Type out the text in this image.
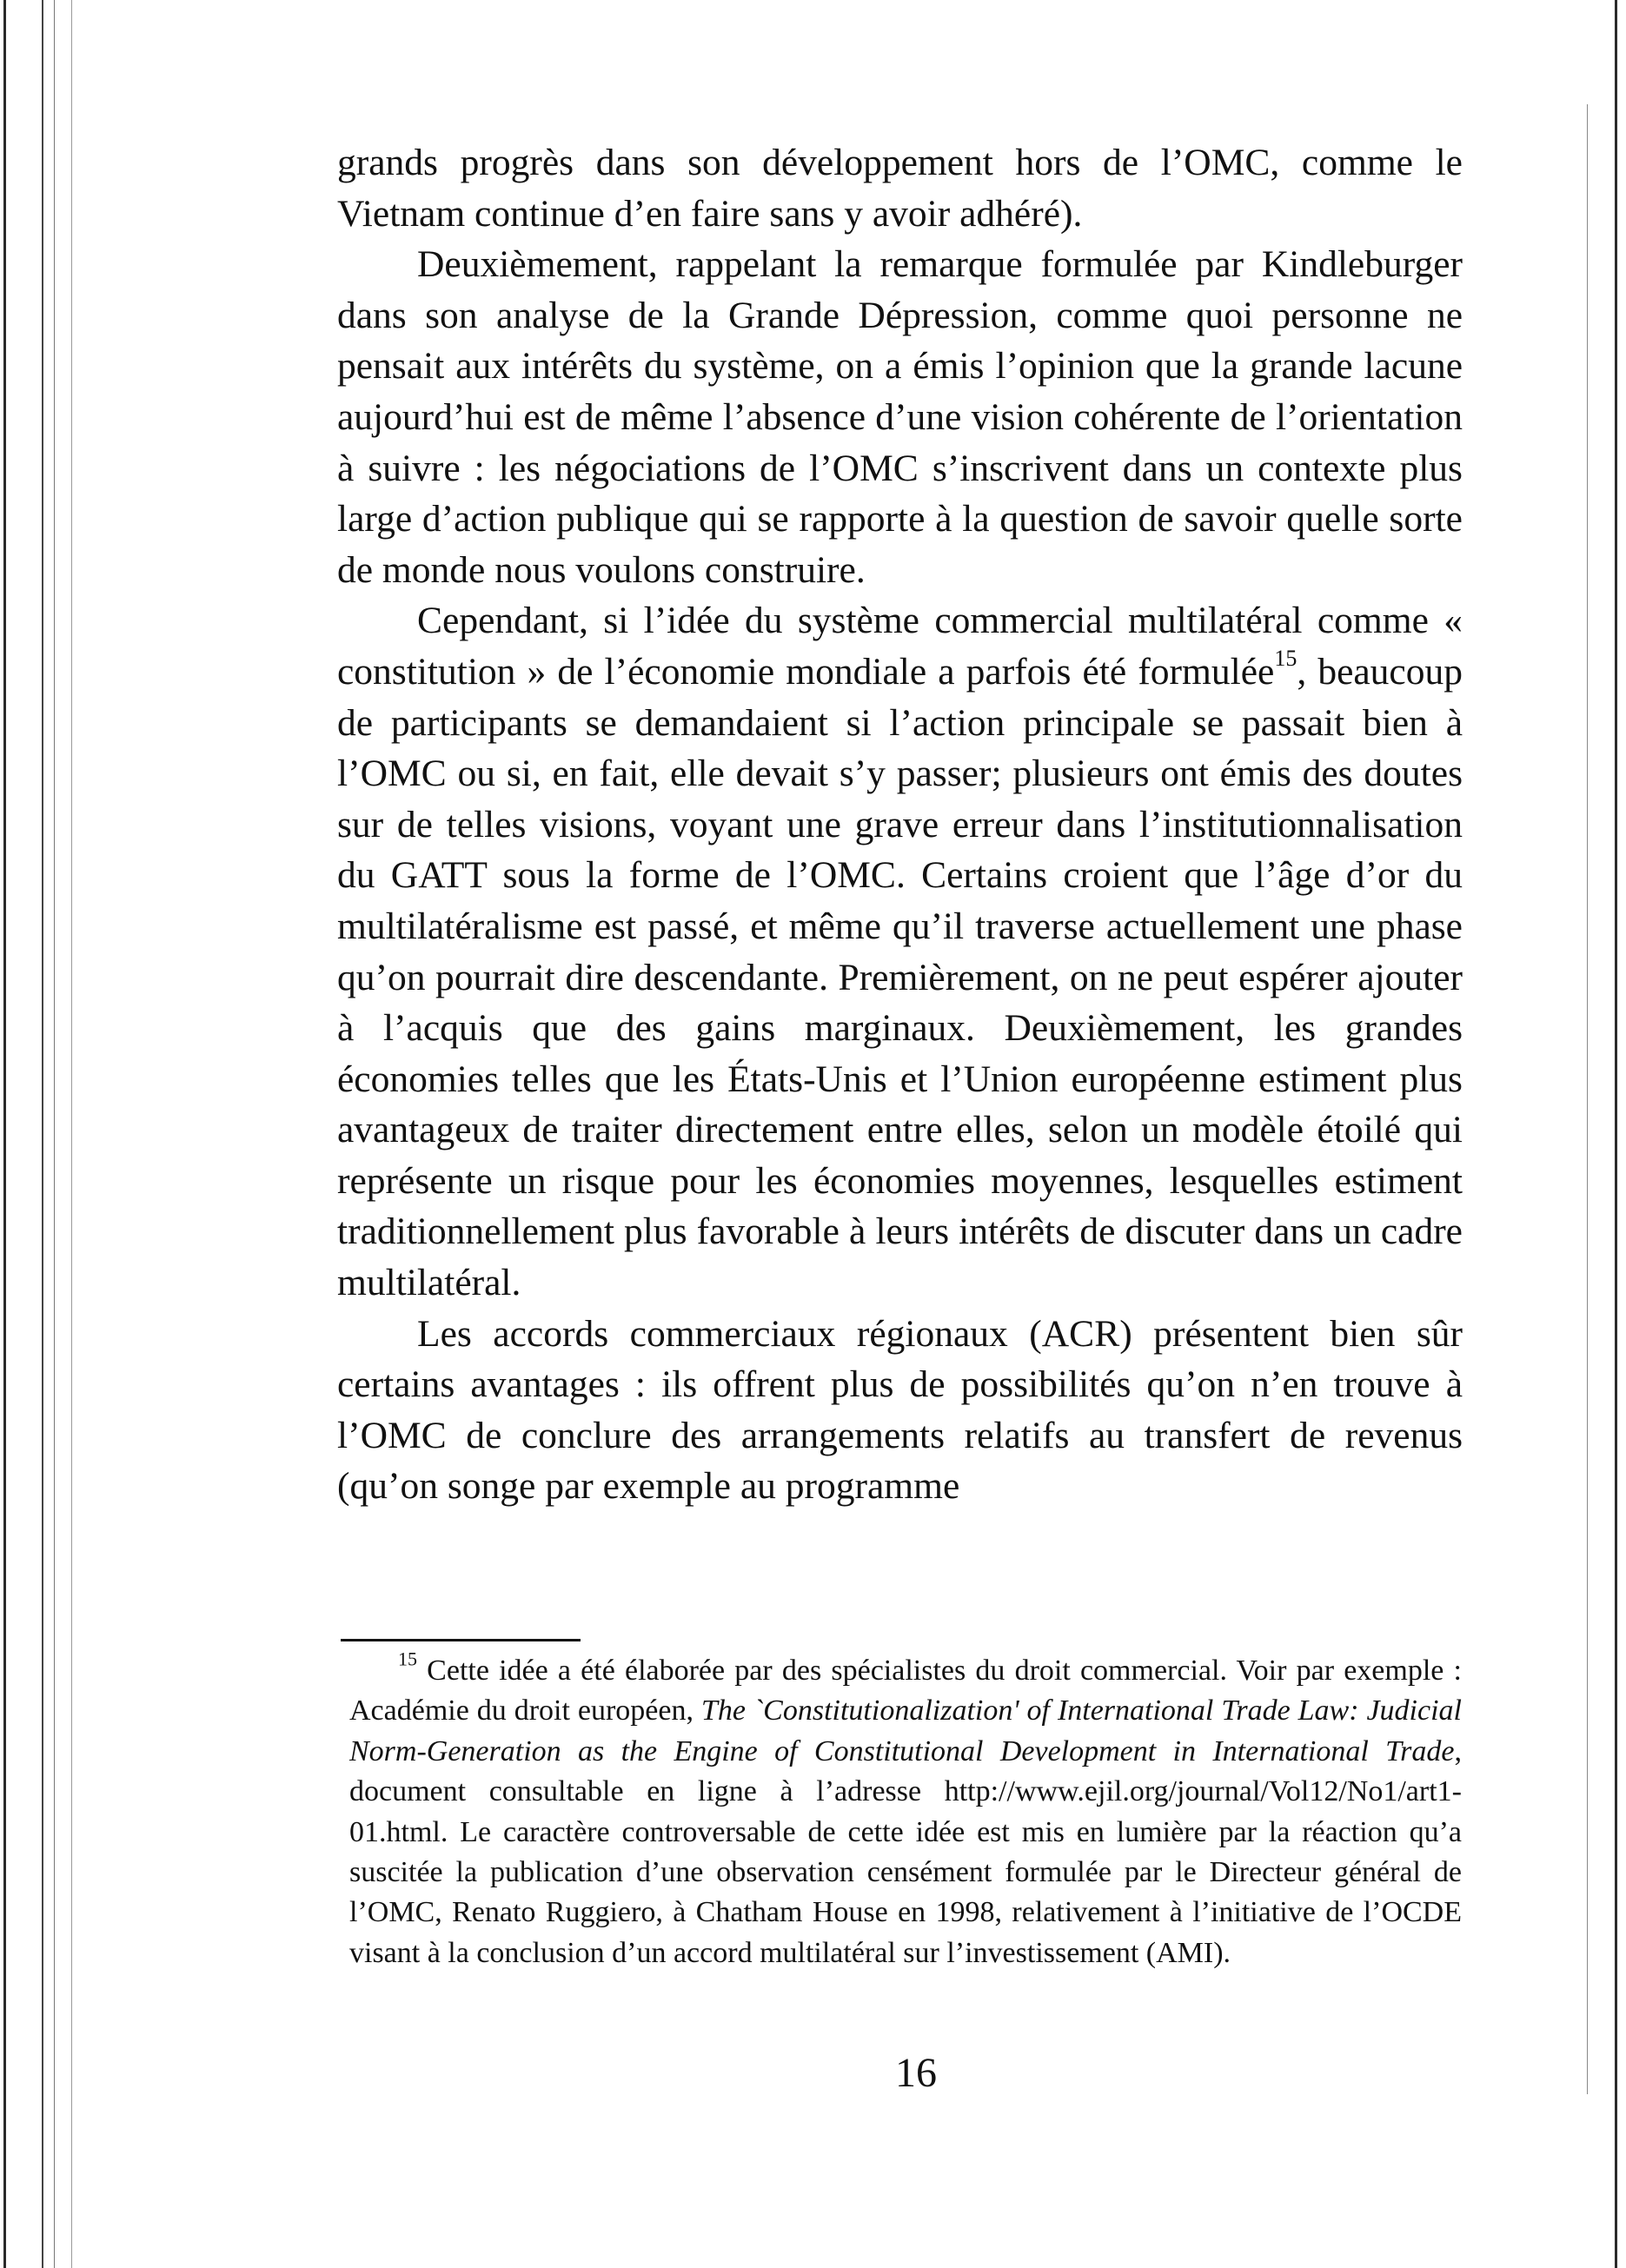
grands progrès dans son développement hors de l’OMC, comme le Vietnam continue d’en faire sans y avoir adhéré).

Deuxièmement, rappelant la remarque formulée par Kindleburger dans son analyse de la Grande Dépression, comme quoi personne ne pensait aux intérêts du système, on a émis l’opinion que la grande lacune aujourd’hui est de même l’absence d’une vision cohérente de l’orientation à suivre : les négociations de l’OMC s’inscrivent dans un contexte plus large d’action publique qui se rapporte à la question de savoir quelle sorte de monde nous voulons construire.

Cependant, si l’idée du système commercial multilatéral comme « constitution » de l’économie mondiale a parfois été formulée$^{15}$, beaucoup de participants se demandaient si l’action principale se passait bien à l’OMC ou si, en fait, elle devait s’y passer; plusieurs ont émis des doutes sur de telles visions, voyant une grave erreur dans l’institutionnalisation du GATT sous la forme de l’OMC. Certains croient que l’âge d’or du multilatéralisme est passé, et même qu’il traverse actuellement une phase qu’on pourrait dire descendante. Premièrement, on ne peut espérer ajouter à l’acquis que des gains marginaux. Deuxièmement, les grandes économies telles que les États-Unis et l’Union européenne estiment plus avantageux de traiter directement entre elles, selon un modèle étoilé qui représente un risque pour les économies moyennes, lesquelles estiment traditionnellement plus favorable à leurs intérêts de discuter dans un cadre multilatéral.

Les accords commerciaux régionaux (ACR) présentent bien sûr certains avantages : ils offrent plus de possibilités qu’on n’en trouve à l’OMC de conclure des arrangements relatifs au transfert de revenus (qu’on songe par exemple au programme

$^{15}$ Cette idée a été élaborée par des spécialistes du droit commercial. Voir par exemple : Académie du droit européen, The `Constitutionalization' of International Trade Law: Judicial Norm-Generation as the Engine of Constitutional Development in International Trade, document consultable en ligne à l’adresse http://www.ejil.org/journal/Vol12/No1/art1-01.html. Le caractère controversable de cette idée est mis en lumière par la réaction qu’a suscitée la publication d’une observation censément formulée par le Directeur général de l’OMC, Renato Ruggiero, à Chatham House en 1998, relativement à l’initiative de l’OCDE visant à la conclusion d’un accord multilatéral sur l’investissement (AMI).

16
